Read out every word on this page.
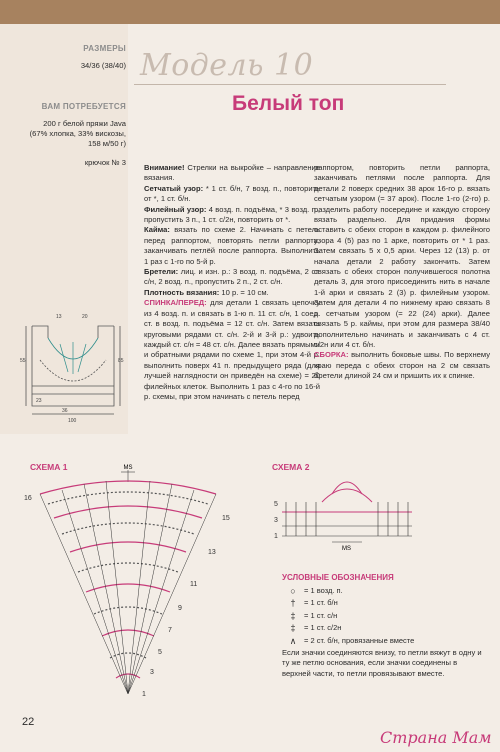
РАЗМЕРЫ
34/36 (38/40)
ВАМ ПОТРЕБУЕТСЯ
200 г белой пряжи Java
(67% хлопка, 33% вискозы,
158 м/50 г)
крючок № 3
Модель 10
Белый топ
13	20
36
55	85
100
23

Внимание! Стрелки на выкройке – направление вязания.

Сетчатый узор: * 1 ст. б/н, 7 возд. п., повторить от *, 1 ст. б/н.

Филейный узор: 4 возд. п. подъёма, * 3 возд. п., пропустить 3 п., 1 ст. с/2н, повторить от *.

Кайма: вязать по схеме 2. Начинать с петель перед раппортом, повторять петли раппорта, заканчивать петлёй после раппорта. Выполнить 1 раз с 1-го по 5-й р.

Бретели: лиц. и изн. р.: 3 возд. п. подъёма, 2 ст. с/н, 2 возд. п., пропустить 2 п., 2 ст. с/н.

Плотность вязания: 10 р. = 10 см.

СПИНКА/ПЕРЕД: для детали 1 связать цепочку из 4 возд. п. и связать в 1-ю п. 11 ст. с/н, 1 соед. ст. в возд. п. подъёма = 12 ст. с/н. Затем вязать круговыми рядами ст. с/н. 2-й и 3-й р.: удвоить каждый ст. с/н = 48 ст. с/н. Далее вязать прямыми и обратными рядами по схеме 1, при этом 4-й р. выполнить поверх 41 п. предыдущего ряда (для лучшей наглядности он приведён на схеме) = 20 филейных клеток. Выполнить 1 раз с 4-го по 16-й р. схемы, при этом начинать с петель перед

раппортом, повторить петли раппорта, заканчивать петлями после раппорта. Для детали 2 поверх средних 38 арок 16-го р. вязать сетчатым узором (= 37 арок). После 1-го (2-го) р. разделить работу посередине и каждую сторону вязать раздельно. Для придания формы оставить с обеих сторон в каждом р. филейного узора 4 (5) раз по 1 арке, повторить от * 1 раз. Затем связать 5 х 0,5 арки. Через 12 (13) р. от начала детали 2 работу закончить. Затем связать с обеих сторон получившегося полотна деталь 3, для этого присоединить нить в начале 1-й арки и связать 2 (3) р. филейным узором. Затем для детали 4 по нижнему краю связать 8 р. сетчатым узором (= 22 (24) арки). Далее связать 5 р. каймы, при этом для размера 38/40 дополнительно начинать и заканчивать с 4 ст. с/2н или 4 ст. б/н.

СБОРКА: выполнить боковые швы. По верхнему краю переда с обеих сторон на 2 см связать бретели длиной 24 см и пришить их к спинке.

СХЕМА 1	СХЕМА 2
MS
16
15
13
11
9
7
5
3
1
MS
5
3
1
УСЛОВНЫЕ ОБОЗНАЧЕНИЯ
○	= 1 возд. п.
†	= 1 ст. б/н
‡	= 1 ст. с/н
‡	= 1 ст. с/2н
∧	= 2 ст. б/н, провязанные вместе
Если значки соединяются внизу, то петли вяжут в одну и ту же петлю основания, если значки соединены в верхней части, то петли провязывают вместе.
22
Страна Мам
